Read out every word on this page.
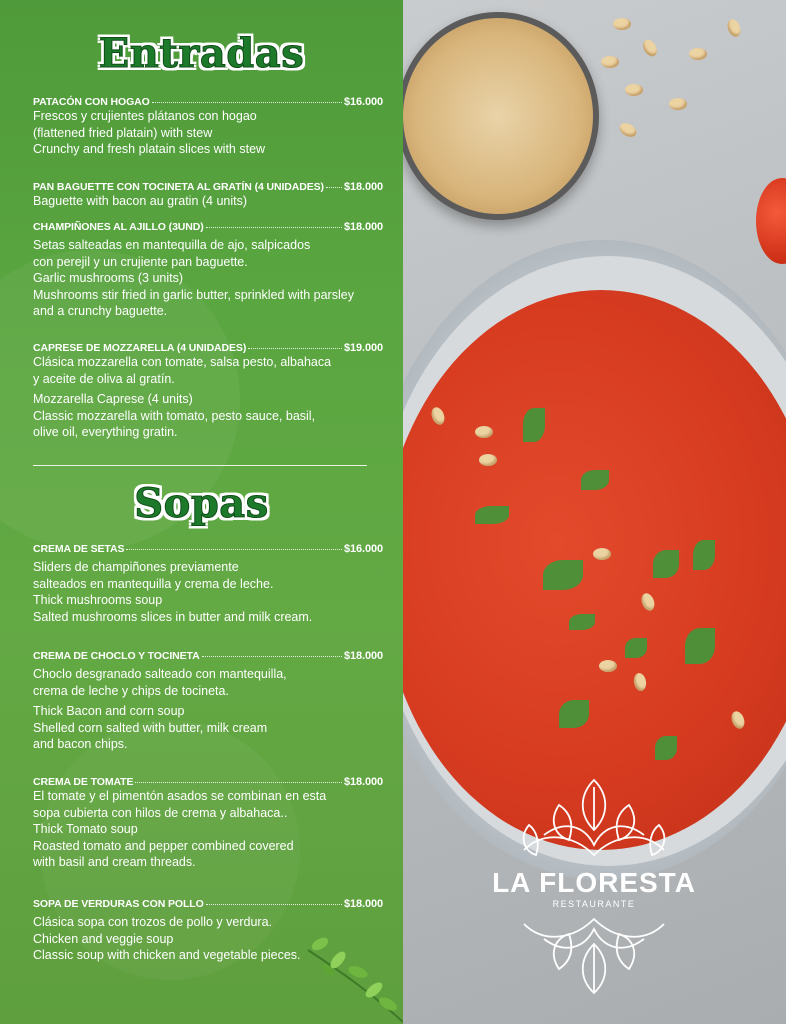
Entradas
PATACÓN CON HOGAO	$16.000

Frescos y crujientes plátanos con hogao

(flattened fried platain) with stew

Crunchy and fresh platain slices with stew

PAN BAGUETTE CON TOCINETA AL GRATÍN (4 UNIDADES) $18.000

Baguette with bacon au gratin (4 units)

CHAMPIÑONES AL AJILLO (3UND)	$18.000

Setas salteadas en mantequilla de ajo, salpicados

con perejil y un crujiente pan baguette.

Garlic mushrooms (3 units)

Mushrooms stir fried in garlic butter, sprinkled with parsley

and a crunchy baguette.

CAPRESE DE MOZZARELLA (4 UNIDADES)	$19.000

Clásica mozzarella con tomate, salsa pesto, albahaca

y aceite de oliva al gratín.

Mozzarella Caprese (4 units)

Classic mozzarella with tomato, pesto sauce, basil,

olive oil, everything gratin.

Sopas
CREMA DE SETAS	$16.000

Sliders de champiñones previamente

salteados en mantequilla y crema de leche.

Thick mushrooms soup

Salted mushrooms slices in butter and milk cream.

CREMA DE CHOCLO Y TOCINETA	$18.000

Choclo desgranado salteado con mantequilla,

crema de leche y chips de tocineta.

Thick Bacon and corn soup

Shelled corn salted with butter, milk cream

and bacon chips.

CREMA DE TOMATE	$18.000

El tomate y el pimentón asados se combinan en esta

sopa cubierta con hilos de crema y albahaca..

Thick Tomato soup

Roasted tomato and pepper combined covered

with basil and cream threads.

SOPA DE VERDURAS CON POLLO	$18.000

Clásica sopa con trozos de pollo y verdura.

Chicken and veggie soup

Classic soup with chicken and vegetable pieces.

LA FLORESTA
RESTAURANTE
